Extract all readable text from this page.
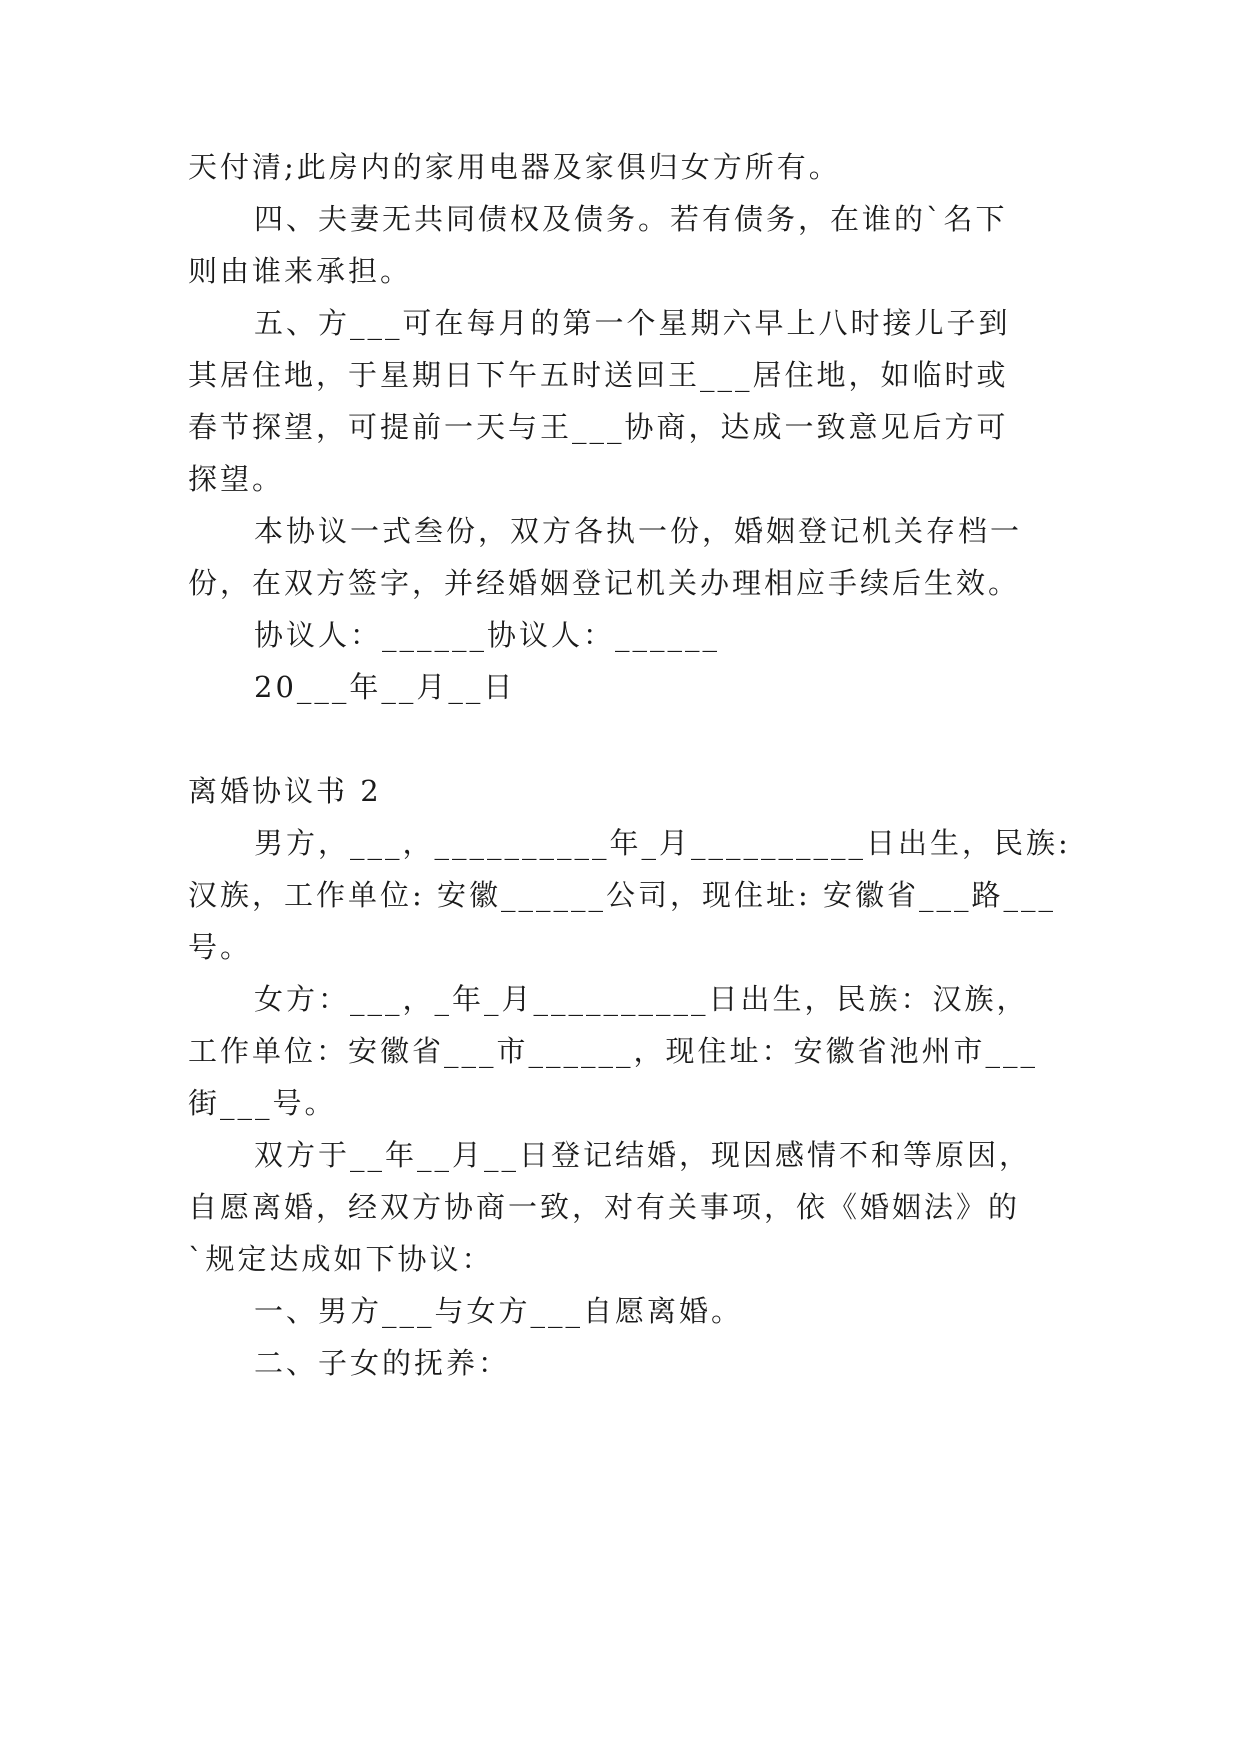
天付清;此房内的家用电器及家俱归女方所有。
四、夫妻无共同债权及债务。若有债务，在谁的`名下
则由谁来承担。
五、方___可在每月的第一个星期六早上八时接儿子到
其居住地，于星期日下午五时送回王___居住地，如临时或
春节探望，可提前一天与王___协商，达成一致意见后方可
探望。
本协议一式叁份，双方各执一份，婚姻登记机关存档一
份，在双方签字，并经婚姻登记机关办理相应手续后生效。
协议人：______协议人：______
20___年__月__日
离婚协议书 2
男方，___，__________年_月__________日出生，民族:
汉族，工作单位: 安徽______公司，现住址: 安徽省___路___
号。
女方：___，_年_月__________日出生，民族：汉族，
工作单位：安徽省___市______，现住址：安徽省池州市___
街___号。
双方于__年__月__日登记结婚，现因感情不和等原因，
自愿离婚，经双方协商一致，对有关事项，依《婚姻法》的
`规定达成如下协议：
一、男方___与女方___自愿离婚。
二、子女的抚养：
